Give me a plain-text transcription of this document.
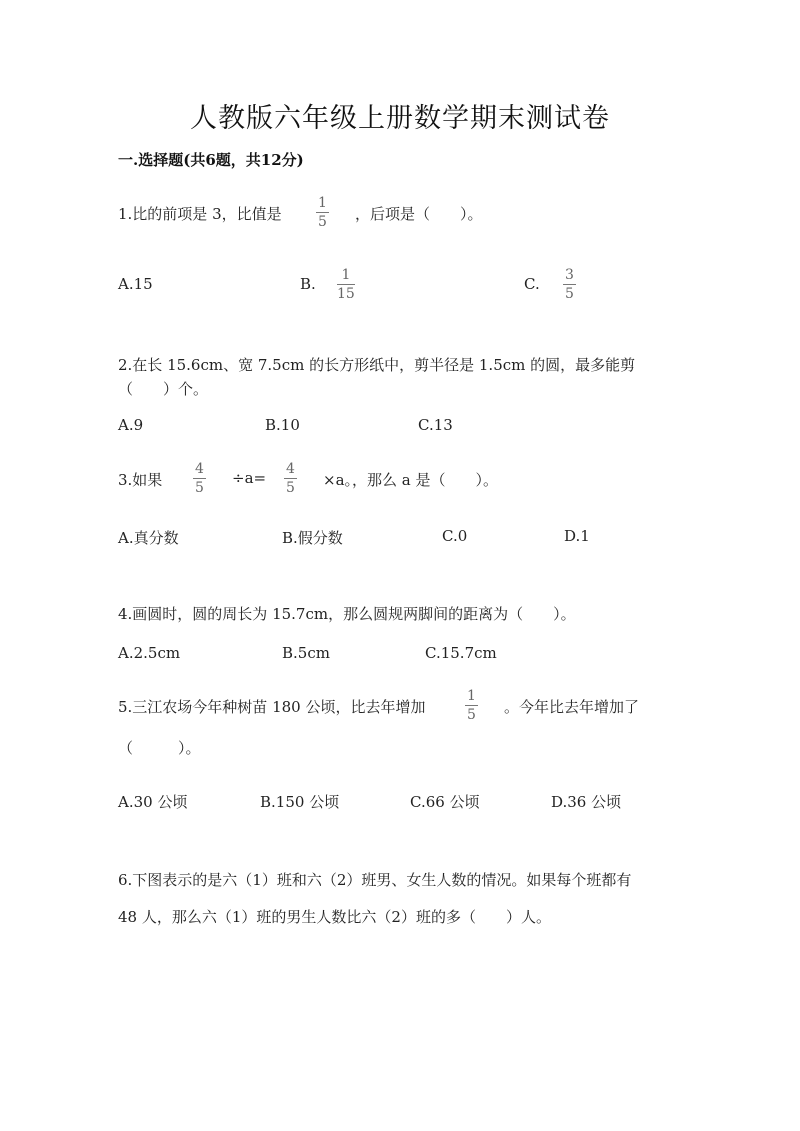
人教版六年级上册数学期末测试卷
一.选择题(共6题，共12分)
1.比的前项是 3，比值是
1
5 ，后项是（　　）。
A.15	B. 1
15
C. 3
5
2.在长 15.6cm、宽 7.5cm 的长方形纸中，剪半径是 1.5cm 的圆，最多能剪
（　　）个。
A.9	B.10	C.13
3.如果
4
5
÷a= 4
5 ×a。，那么 a 是（　　）。
A.真分数	B.假分数	C.0	D.1
4.画圆时，圆的周长为 15.7cm，那么圆规两脚间的距离为（　　）。
A.2.5cm	B.5cm	C.15.7cm
5.三江农场今年种树苗 180 公顷，比去年增加
1
5 。今年比去年增加了
（　　　）。
A.30 公顷	B.150 公顷	C.66 公顷	D.36 公顷
6.下图表示的是六（1）班和六（2）班男、女生人数的情况。如果每个班都有
48 人，那么六（1）班的男生人数比六（2）班的多（　　）人。
